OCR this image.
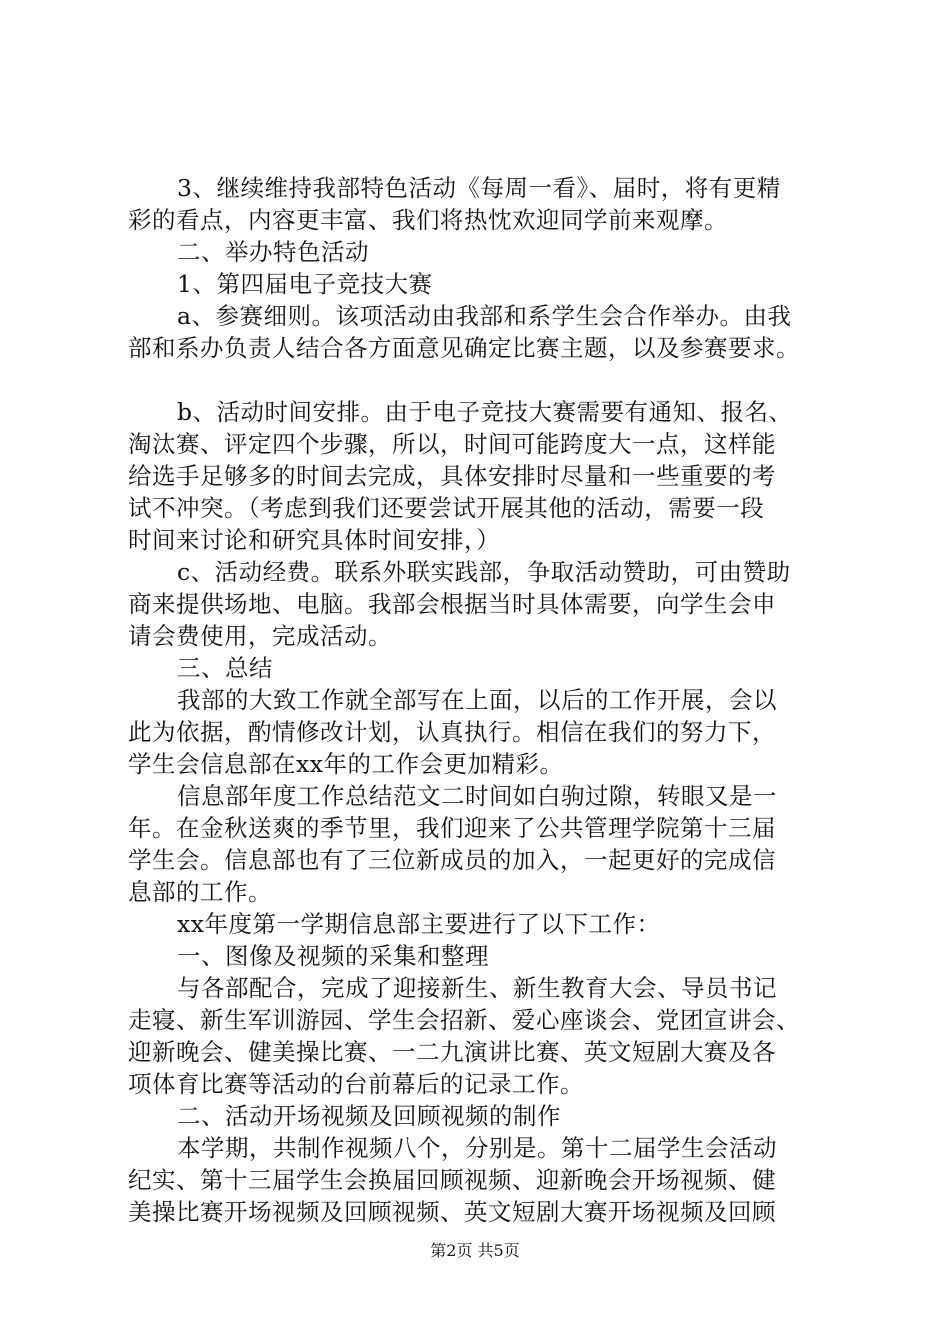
3、继续维持我部特色活动《每周一看》、届时，将有更精
彩的看点，内容更丰富、我们将热忱欢迎同学前来观摩。
二、举办特色活动
1、第四届电子竞技大赛
a、参赛细则。该项活动由我部和系学生会合作举办。由我
部和系办负责人结合各方面意见确定比赛主题，以及参赛要求。
b、活动时间安排。由于电子竞技大赛需要有通知、报名、
淘汰赛、评定四个步骤，所以，时间可能跨度大一点，这样能
给选手足够多的时间去完成，具体安排时尽量和一些重要的考
试不冲突。（考虑到我们还要尝试开展其他的活动，需要一段
时间来讨论和研究具体时间安排，）
c、活动经费。联系外联实践部，争取活动赞助，可由赞助
商来提供场地、电脑。我部会根据当时具体需要，向学生会申
请会费使用，完成活动。
三、总结
我部的大致工作就全部写在上面，以后的工作开展，会以
此为依据，酌情修改计划，认真执行。相信在我们的努力下，
学生会信息部在xx年的工作会更加精彩。
信息部年度工作总结范文二时间如白驹过隙，转眼又是一
年。在金秋送爽的季节里，我们迎来了公共管理学院第十三届
学生会。信息部也有了三位新成员的加入，一起更好的完成信
息部的工作。
xx年度第一学期信息部主要进行了以下工作：
一、图像及视频的采集和整理
与各部配合，完成了迎接新生、新生教育大会、导员书记
走寝、新生军训游园、学生会招新、爱心座谈会、党团宣讲会、
迎新晚会、健美操比赛、一二九演讲比赛、英文短剧大赛及各
项体育比赛等活动的台前幕后的记录工作。
二、活动开场视频及回顾视频的制作
本学期，共制作视频八个，分别是。第十二届学生会活动
纪实、第十三届学生会换届回顾视频、迎新晚会开场视频、健
美操比赛开场视频及回顾视频、英文短剧大赛开场视频及回顾
第2页 共5页
